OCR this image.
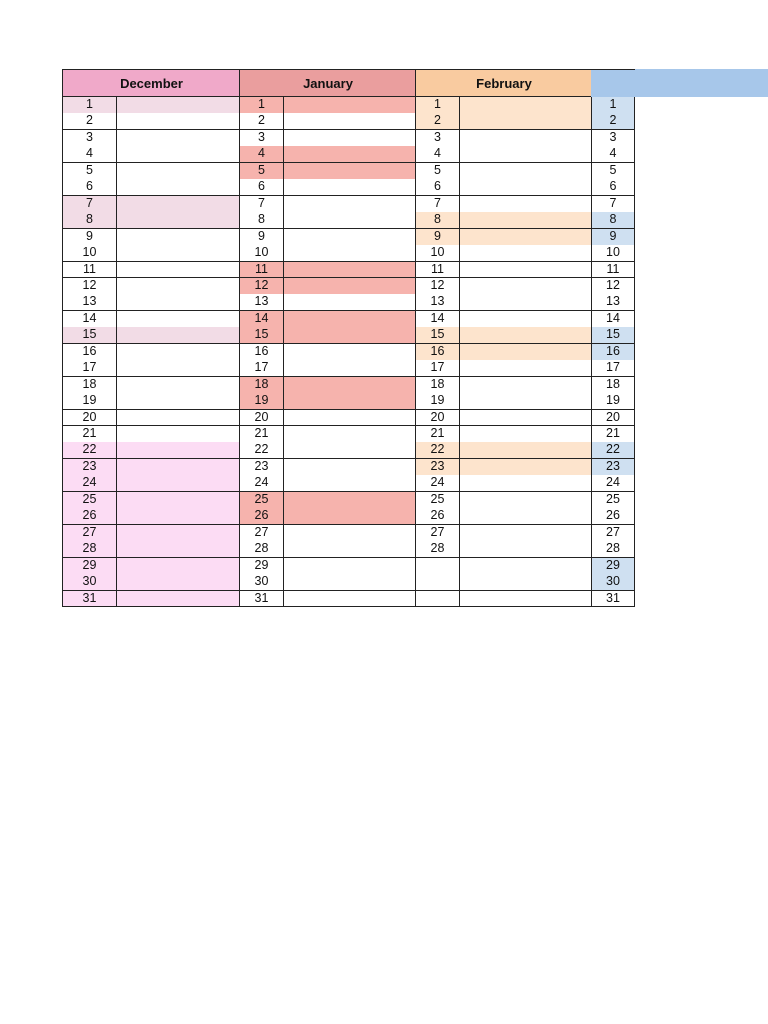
December
1
2
3
4
5
6
7
8
9
10
11
12
13
14
15
16
17
18
19
20
21
22
23
24
25
26
27
28
29
30
31
January
1
2
3
4
5
6
7
8
9
10
11
12
13
14
15
16
17
18
19
20
21
22
23
24
25
26
27
28
29
30
31
February
1
2
3
4
5
6
7
8
9
10
11
12
13
14
15
16
17
18
19
20
21
22
23
24
25
26
27
28
1
2
3
4
5
6
7
8
9
10
11
12
13
14
15
16
17
18
19
20
21
22
23
24
25
26
27
28
29
30
31
